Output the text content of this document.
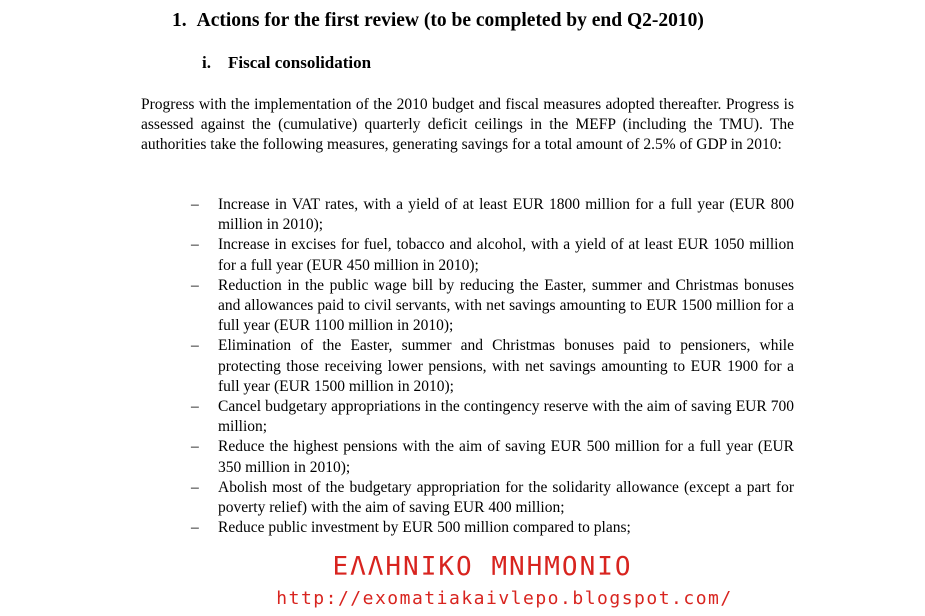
1. Actions for the first review (to be completed by end Q2-2010)
i. Fiscal consolidation
Progress with the implementation of the 2010 budget and fiscal measures adopted thereafter. Progress is assessed against the (cumulative) quarterly deficit ceilings in the MEFP (including the TMU). The authorities take the following measures, generating savings for a total amount of 2.5% of GDP in 2010:
– Increase in VAT rates, with a yield of at least EUR 1800 million for a full year (EUR 800 million in 2010);
– Increase in excises for fuel, tobacco and alcohol, with a yield of at least EUR 1050 million for a full year (EUR 450 million in 2010);
– Reduction in the public wage bill by reducing the Easter, summer and Christmas bonuses and allowances paid to civil servants, with net savings amounting to EUR 1500 million for a full year (EUR 1100 million in 2010);
– Elimination of the Easter, summer and Christmas bonuses paid to pensioners, while protecting those receiving lower pensions, with net savings amounting to EUR 1900 for a full year (EUR 1500 million in 2010);
– Cancel budgetary appropriations in the contingency reserve with the aim of saving EUR 700 million;
– Reduce the highest pensions with the aim of saving EUR 500 million for a full year (EUR 350 million in 2010);
– Abolish most of the budgetary appropriation for the solidarity allowance (except a part for poverty relief) with the aim of saving EUR 400 million;
– Reduce public investment by EUR 500 million compared to plans;
ΕΛΛΗΝΙΚΟ ΜΝΗΜΟΝΙΟ
http://exomatiakaivlepo.blogspot.com/
